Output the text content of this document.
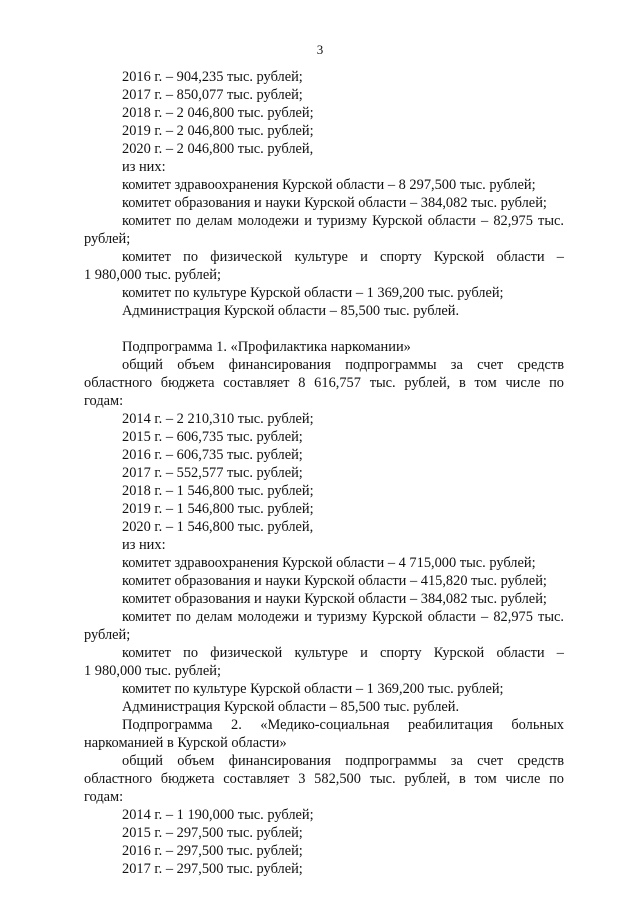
3
2016 г. – 904,235 тыс. рублей;
2017 г. – 850,077 тыс. рублей;
2018 г. – 2 046,800 тыс. рублей;
2019 г. – 2 046,800 тыс. рублей;
2020 г. – 2 046,800 тыс. рублей,
из них:
комитет здравоохранения Курской области – 8 297,500 тыс. рублей;
комитет образования и науки Курской области – 384,082 тыс. рублей;
комитет по делам молодежи и туризму Курской области – 82,975 тыс.
рублей;
комитет по физической культуре и спорту Курской области –
1 980,000 тыс. рублей;
комитет по культуре Курской области – 1 369,200 тыс. рублей;
Администрация Курской области – 85,500 тыс. рублей.
Подпрограмма 1. «Профилактика наркомании»
общий объем финансирования подпрограммы за счет средств
областного бюджета составляет 8 616,757 тыс. рублей, в том числе по
годам:
2014 г. – 2 210,310 тыс. рублей;
2015 г. – 606,735 тыс. рублей;
2016 г. – 606,735 тыс. рублей;
2017 г. – 552,577 тыс. рублей;
2018 г. – 1 546,800 тыс. рублей;
2019 г. – 1 546,800 тыс. рублей;
2020 г. – 1 546,800 тыс. рублей,
из них:
комитет здравоохранения Курской области – 4 715,000 тыс. рублей;
комитет образования и науки Курской области – 415,820 тыс. рублей;
комитет образования и науки Курской области – 384,082 тыс. рублей;
комитет по делам молодежи и туризму Курской области – 82,975 тыс.
рублей;
комитет по физической культуре и спорту Курской области –
1 980,000 тыс. рублей;
комитет по культуре Курской области – 1 369,200 тыс. рублей;
Администрация Курской области – 85,500 тыс. рублей.
Подпрограмма 2. «Медико-социальная реабилитация больных
наркоманией в Курской области»
общий объем финансирования подпрограммы за счет средств
областного бюджета составляет 3 582,500 тыс. рублей, в том числе по
годам:
2014 г. – 1 190,000 тыс. рублей;
2015 г. – 297,500 тыс. рублей;
2016 г. – 297,500 тыс. рублей;
2017 г. – 297,500 тыс. рублей;
